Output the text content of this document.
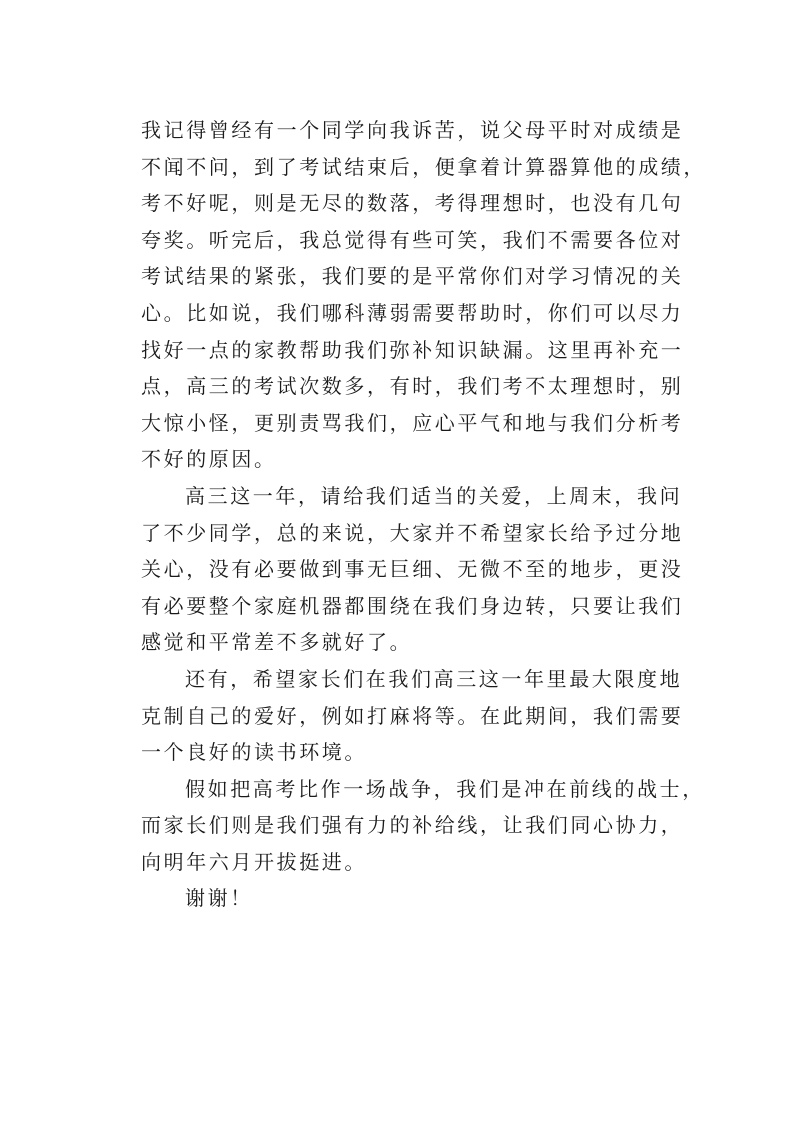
我记得曾经有一个同学向我诉苦，说父母平时对成绩是
不闻不问，到了考试结束后，便拿着计算器算他的成绩，
考不好呢，则是无尽的数落，考得理想时，也没有几句
夸奖。听完后，我总觉得有些可笑，我们不需要各位对
考试结果的紧张，我们要的是平常你们对学习情况的关
心。比如说，我们哪科薄弱需要帮助时，你们可以尽力
找好一点的家教帮助我们弥补知识缺漏。这里再补充一
点，高三的考试次数多，有时，我们考不太理想时，别
大惊小怪，更别责骂我们，应心平气和地与我们分析考
不好的原因。
高三这一年，请给我们适当的关爱，上周末，我问
了不少同学，总的来说，大家并不希望家长给予过分地
关心，没有必要做到事无巨细、无微不至的地步，更没
有必要整个家庭机器都围绕在我们身边转，只要让我们
感觉和平常差不多就好了。
还有，希望家长们在我们高三这一年里最大限度地
克制自己的爱好，例如打麻将等。在此期间，我们需要
一个良好的读书环境。
假如把高考比作一场战争，我们是冲在前线的战士，
而家长们则是我们强有力的补给线，让我们同心协力，
向明年六月开拔挺进。
谢谢！
